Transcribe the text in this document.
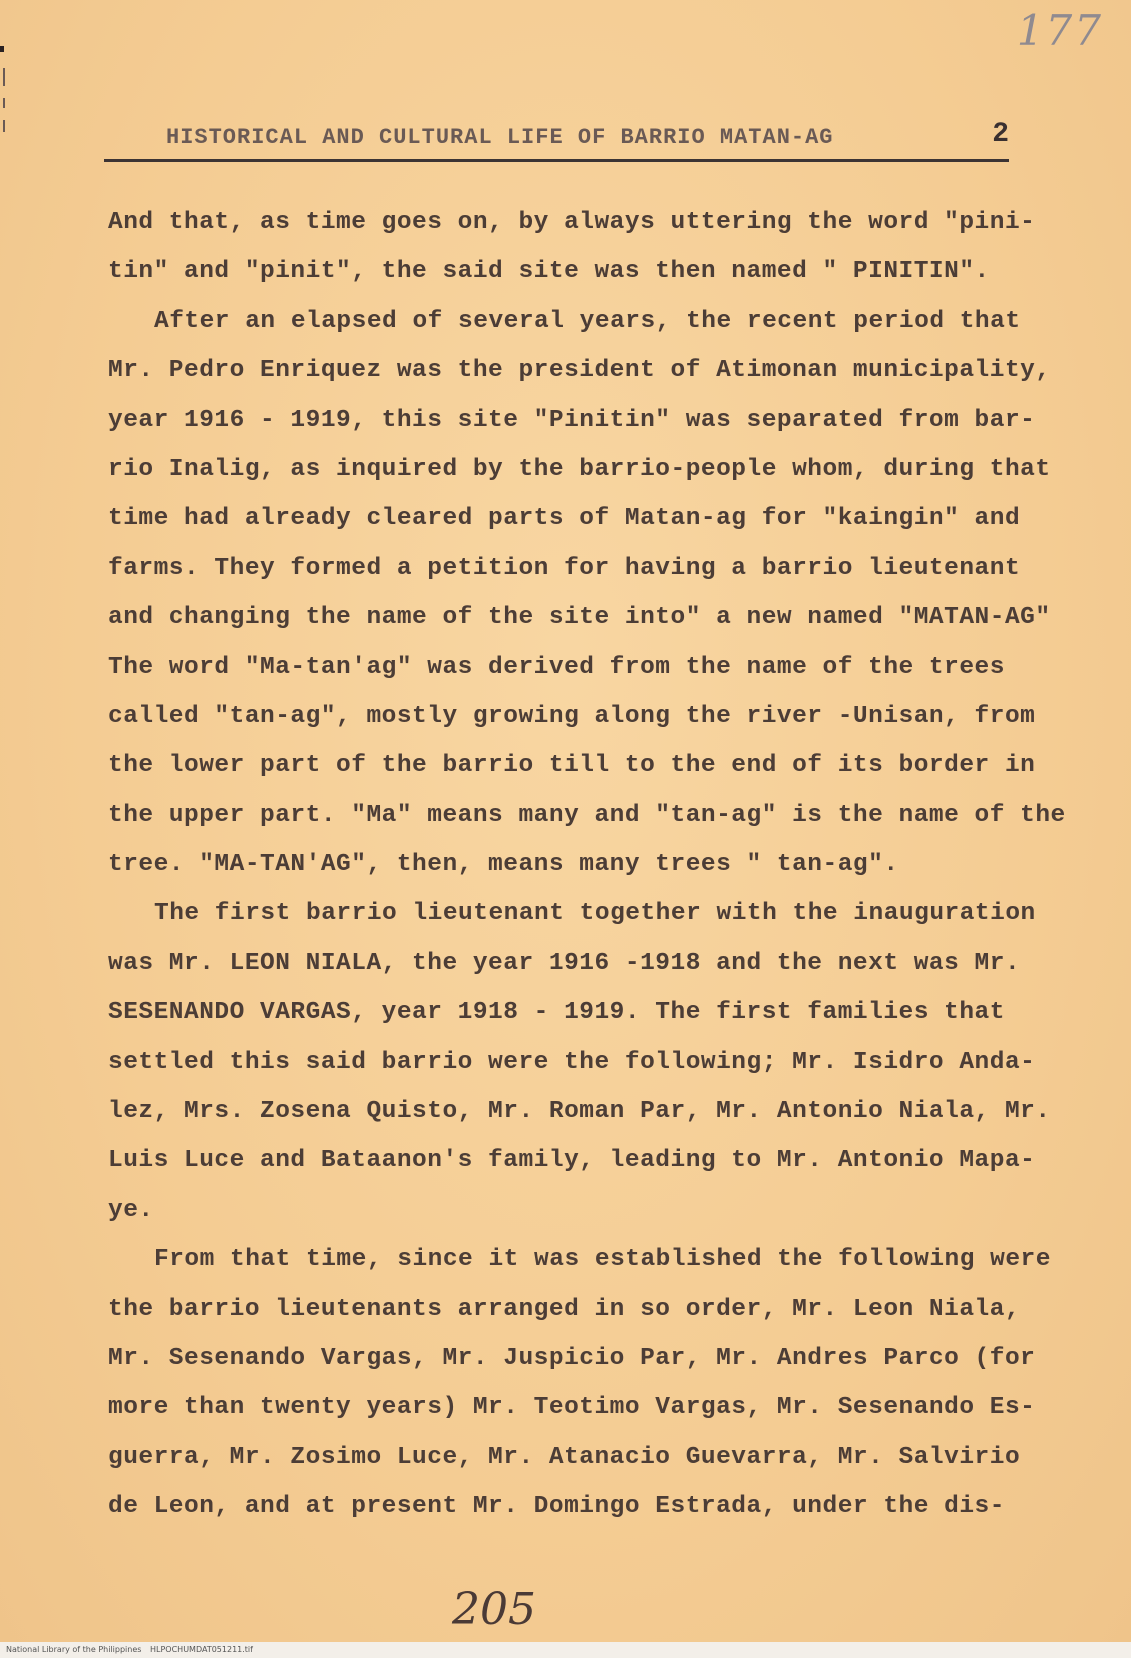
177
HISTORICAL AND CULTURAL LIFE OF BARRIO MATAN-AG	2
And that, as time goes on, by always uttering the word "pini-
tin" and "pinit", the said site was then named " PINITIN".
After an elapsed of several years, the recent period that
Mr. Pedro Enriquez was the president of Atimonan municipality,
year 1916 - 1919, this site "Pinitin" was separated from bar-
rio Inalig, as inquired by the barrio-people whom, during that
time had already cleared parts of Matan-ag for "kaingin" and
farms. They formed a petition for having a barrio lieutenant
and changing the name of the site into" a new named "MATAN-AG"
The word "Ma-tan'ag" was derived from the name of the trees
called "tan-ag", mostly growing along the river -Unisan, from
the lower part of the barrio till to the end of its border in
the upper part. "Ma" means many and "tan-ag" is the name of the
tree. "MA-TAN'AG", then, means many trees " tan-ag".
The first barrio lieutenant together with the inauguration
was Mr. LEON NIALA, the year 1916 -1918 and the next was Mr.
SESENANDO VARGAS, year 1918 - 1919. The first families that
settled this said barrio were the following; Mr. Isidro Anda-
lez, Mrs. Zosena Quisto, Mr. Roman Par, Mr. Antonio Niala, Mr.
Luis Luce and Bataanon's family, leading to Mr. Antonio Mapa-
ye.
From that time, since it was established the following were
the barrio lieutenants arranged in so order, Mr. Leon Niala,
Mr. Sesenando Vargas, Mr. Juspicio Par, Mr. Andres Parco (for
more than twenty years) Mr. Teotimo Vargas, Mr. Sesenando Es-
guerra, Mr. Zosimo Luce, Mr. Atanacio Guevarra, Mr. Salvirio
de Leon, and at present Mr. Domingo Estrada, under the dis-
205
National Library of the Philippines HLPOCHUMDAT051211.tif
